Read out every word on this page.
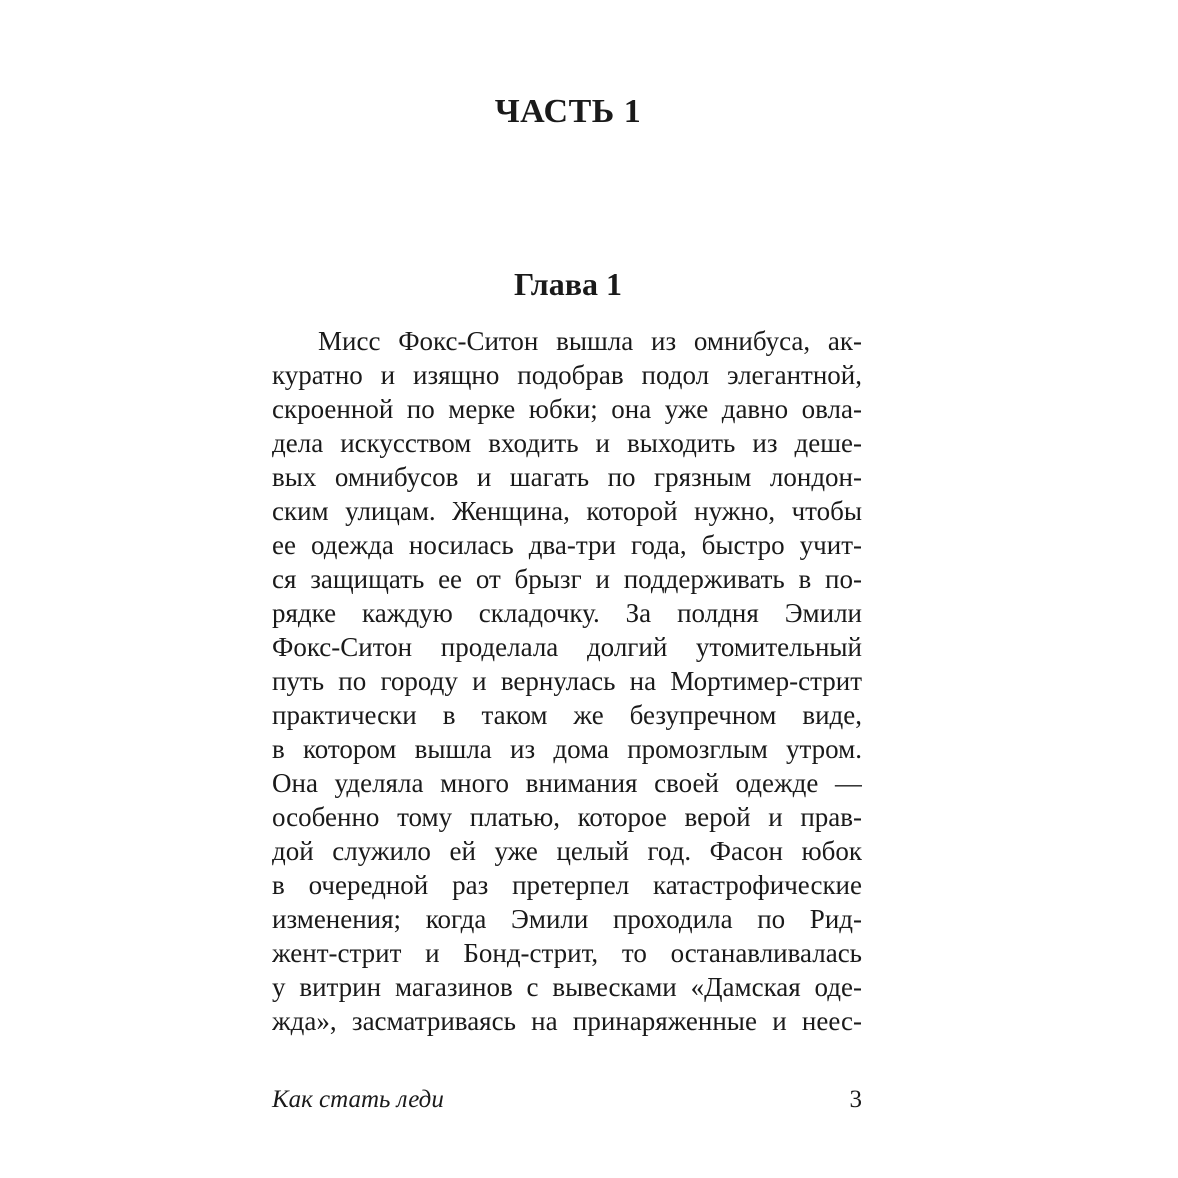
ЧАСТЬ 1
Глава 1
Мисс Фокс-Ситон вышла из омнибуса, ак-
куратно и изящно подобрав подол элегантной,
скроенной по мерке юбки; она уже давно овла-
дела искусством входить и выходить из деше-
вых омнибусов и шагать по грязным лондон-
ским улицам. Женщина, которой нужно, чтобы
ее одежда носилась два-три года, быстро учит-
ся защищать ее от брызг и поддерживать в по-
рядке каждую складочку. За полдня Эмили
Фокс-Ситон проделала долгий утомительный
путь по городу и вернулась на Мортимер-стрит
практически в таком же безупречном виде,
в котором вышла из дома промозглым утром.
Она уделяла много внимания своей одежде —
особенно тому платью, которое верой и прав-
дой служило ей уже целый год. Фасон юбок
в очередной раз претерпел катастрофические
изменения; когда Эмили проходила по Рид-
жент-стрит и Бонд-стрит, то останавливалась
у витрин магазинов с вывесками «Дамская оде-
жда», засматриваясь на принаряженные и неес-
Как стать леди	3
